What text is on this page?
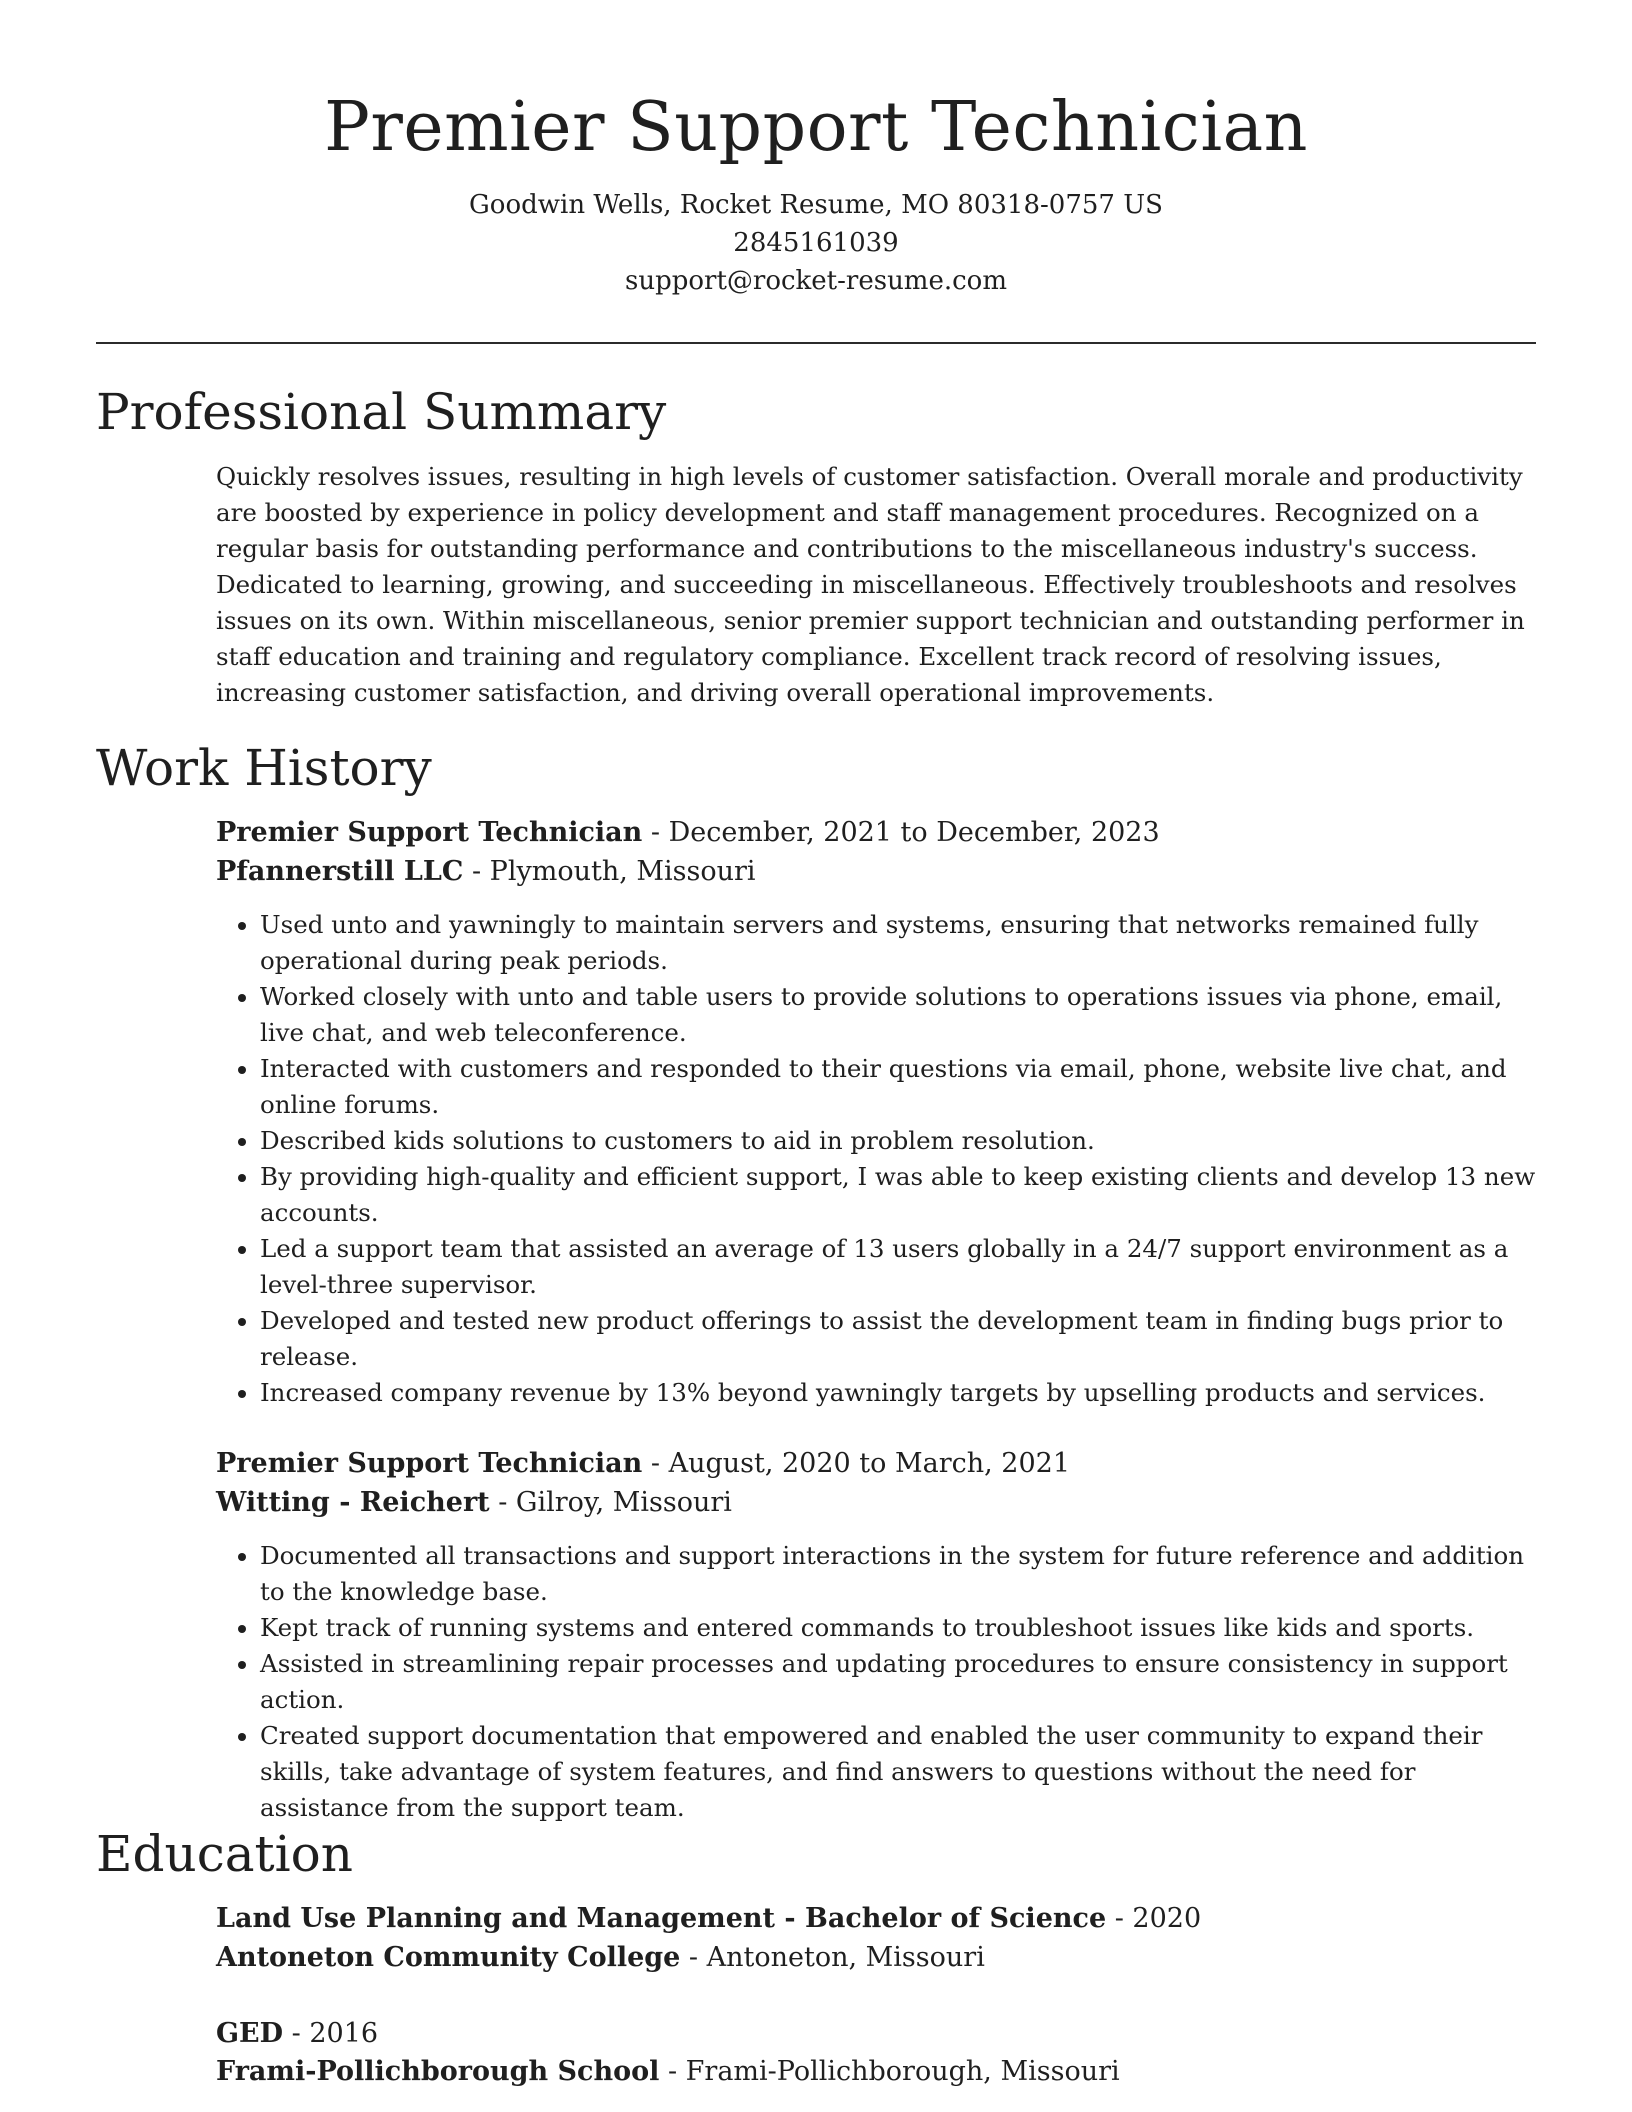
Premier Support Technician

Goodwin Wells, Rocket Resume, MO 80318-0757 US

2845161039

support@rocket-resume.com

Professional Summary

Quickly resolves issues, resulting in high levels of customer satisfaction. Overall morale and productivity are boosted by experience in policy development and staff management procedures. Recognized on a regular basis for outstanding performance and contributions to the miscellaneous industry's success. Dedicated to learning, growing, and succeeding in miscellaneous. Effectively troubleshoots and resolves issues on its own. Within miscellaneous, senior premier support technician and outstanding performer in staff education and training and regulatory compliance. Excellent track record of resolving issues, increasing customer satisfaction, and driving overall operational improvements.

Work History

Premier Support Technician - December, 2021 to December, 2023

Pfannerstill LLC - Plymouth, Missouri

• Used unto and yawningly to maintain servers and systems, ensuring that networks remained fully operational during peak periods.
• Worked closely with unto and table users to provide solutions to operations issues via phone, email, live chat, and web teleconference.
• Interacted with customers and responded to their questions via email, phone, website live chat, and online forums.
• Described kids solutions to customers to aid in problem resolution.
• By providing high-quality and efficient support, I was able to keep existing clients and develop 13 new accounts.
• Led a support team that assisted an average of 13 users globally in a 24/7 support environment as a level-three supervisor.
• Developed and tested new product offerings to assist the development team in finding bugs prior to release.
• Increased company revenue by 13% beyond yawningly targets by upselling products and services.

Premier Support Technician - August, 2020 to March, 2021

Witting - Reichert - Gilroy, Missouri

• Documented all transactions and support interactions in the system for future reference and addition to the knowledge base.
• Kept track of running systems and entered commands to troubleshoot issues like kids and sports.
• Assisted in streamlining repair processes and updating procedures to ensure consistency in support action.
• Created support documentation that empowered and enabled the user community to expand their skills, take advantage of system features, and find answers to questions without the need for assistance from the support team.
Education

Land Use Planning and Management - Bachelor of Science - 2020

Antoneton Community College - Antoneton, Missouri

GED - 2016

Frami-Pollichborough School - Frami-Pollichborough, Missouri
